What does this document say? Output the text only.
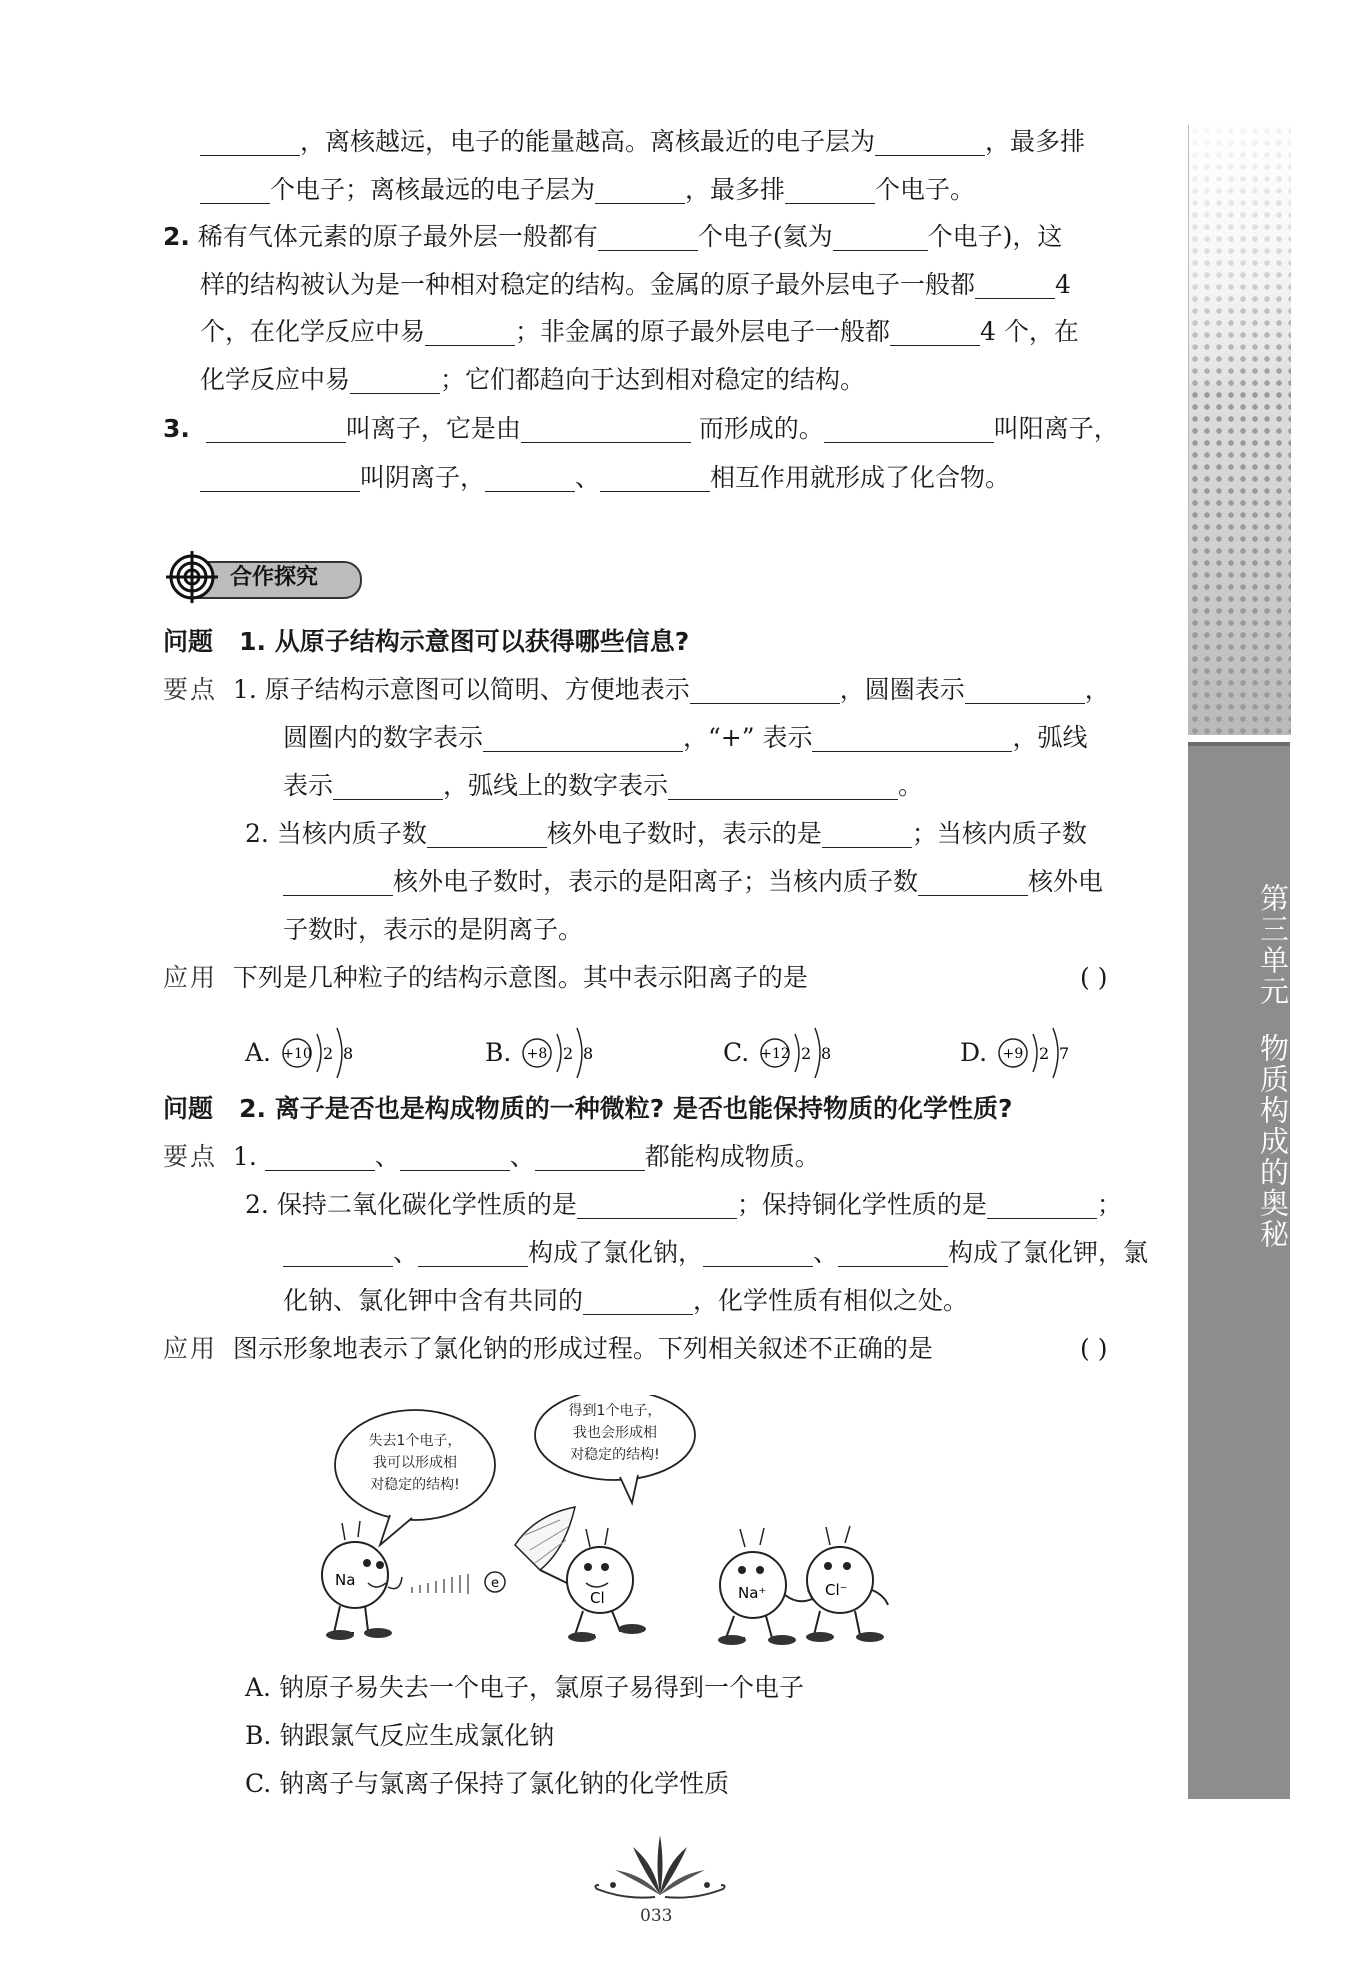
，离核越远，电子的能量越高。离核最近的电子层为	，最多排
个电子；离核最远的电子层为	，最多排	个电子。
2. 稀有气体元素的原子最外层一般都有	个电子(氦为	个电子)，这
样的结构被认为是一种相对稳定的结构。金属的原子最外层电子一般都	4
个，在化学反应中易	；非金属的原子最外层电子一般都	4 个，在
化学反应中易	；它们都趋向于达到相对稳定的结构。
3.	叫离子，它是由	而形成的。	叫阳离子，
叫阴离子，	、	相互作用就形成了化合物。
合作探究
问题 1. 从原子结构示意图可以获得哪些信息?
要点 1. 原子结构示意图可以简明、方便地表示	，圆圈表示	，
圆圈内的数字表示	，“+” 表示	，弧线
表示	，弧线上的数字表示	。
2. 当核内质子数	核外电子数时，表示的是	；当核内质子数
核外电子数时，表示的是阳离子；当核内质子数	核外电
子数时，表示的是阴离子。
应用 下列是几种粒子的结构示意图。其中表示阳离子的是	( )
A. +10 2 8	B. +8 2 8	C. +12 2 8	D. +9 2 7
问题 2. 离子是否也是构成物质的一种微粒? 是否也能保持物质的化学性质?
要点 1.	、	、	都能构成物质。
2. 保持二氧化碳化学性质的是	；保持铜化学性质的是	；
、	构成了氯化钠，	、	构成了氯化钾，氯
化钠、氯化钾中含有共同的	，化学性质有相似之处。
应用 图示形象地表示了氯化钠的形成过程。下列相关叙述不正确的是	( )
失去1个电子，
我可以形成相
对稳定的结构!
得到1个电子，
我也会形成相
对稳定的结构!
Na	e
Cl	Na⁺	Cl⁻
A. 钠原子易失去一个电子，氯原子易得到一个电子
B. 钠跟氯气反应生成氯化钠
C. 钠离子与氯离子保持了氯化钠的化学性质
第三单元物质构成的奥秘
033
